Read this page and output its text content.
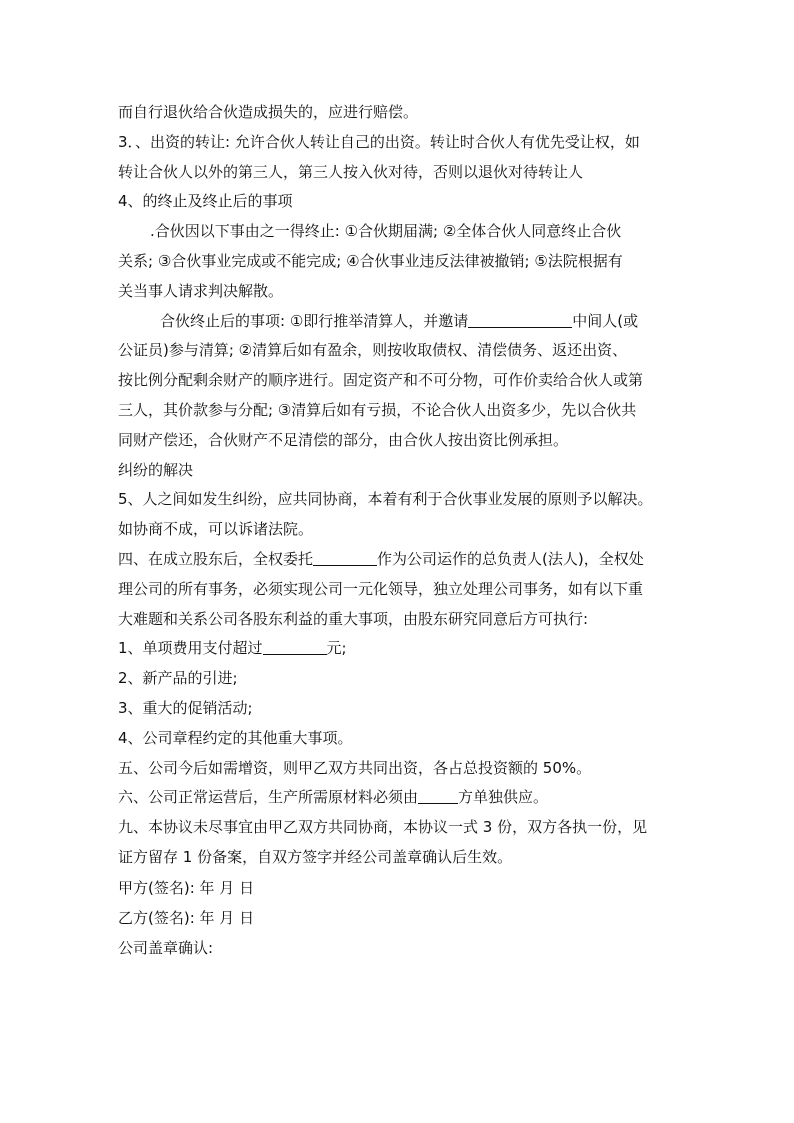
而自行退伙给合伙造成损失的，应进行赔偿。
3．、出资的转让: 允许合伙人转让自己的出资。转让时合伙人有优先受让权，如
转让合伙人以外的第三人，第三人按入伙对待，否则以退伙对待转让人
4、的终止及终止后的事项
.合伙因以下事由之一得终止: ①合伙期届满; ②全体合伙人同意终止合伙
关系; ③合伙事业完成或不能完成; ④合伙事业违反法律被撤销; ⑤法院根据有
关当事人请求判决解散。
合伙终止后的事项: ①即行推举清算人，并邀请	中间人(或
公证员)参与清算; ②清算后如有盈余，则按收取债权、清偿债务、返还出资、
按比例分配剩余财产的顺序进行。固定资产和不可分物，可作价卖给合伙人或第
三人，其价款参与分配; ③清算后如有亏损，不论合伙人出资多少，先以合伙共
同财产偿还，合伙财产不足清偿的部分，由合伙人按出资比例承担。
纠纷的解决
5、人之间如发生纠纷，应共同协商，本着有利于合伙事业发展的原则予以解决。
如协商不成，可以诉诸法院。
四、在成立股东后，全权委托	作为公司运作的总负责人(法人)，全权处
理公司的所有事务，必须实现公司一元化领导，独立处理公司事务，如有以下重
大难题和关系公司各股东利益的重大事项，由股东研究同意后方可执行:
1、单项费用支付超过	元;
2、新产品的引进;
3、重大的促销活动;
4、公司章程约定的其他重大事项。
五、公司今后如需增资，则甲乙双方共同出资，各占总投资额的 50%。
六、公司正常运营后，生产所需原材料必须由	方单独供应。
九、本协议未尽事宜由甲乙双方共同协商，本协议一式 3 份，双方各执一份，见
证方留存 1 份备案，自双方签字并经公司盖章确认后生效。
甲方(签名): 年 月 日
乙方(签名): 年 月 日
公司盖章确认:
